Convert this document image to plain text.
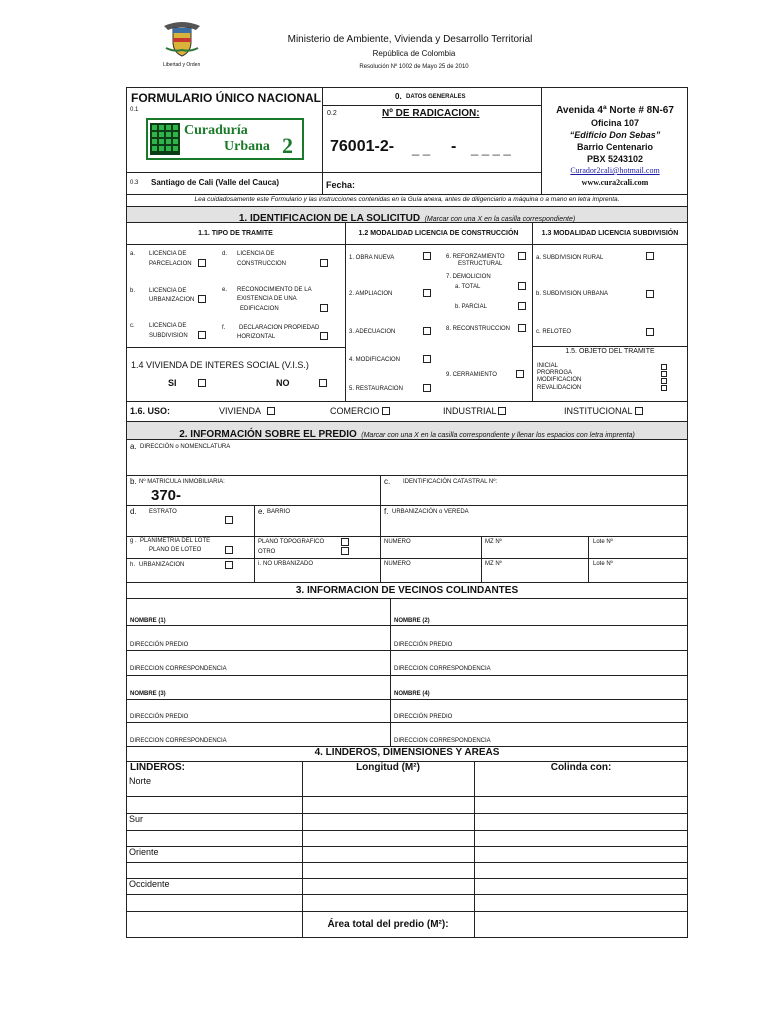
Libertad y Orden
Ministerio de Ambiente, Vivienda y Desarrollo Territorial
República de Colombia
Resolución Nº 1002 de Mayo 25 de 2010
FORMULARIO ÚNICO NACIONAL
0.1
Curaduría
Urbana 2
0. DATOS GENERALES
0.2	Nº DE RADICACION:
76001-2- _ _ - _ _ _ _
0.3 Santiago de Cali (Valle del Cauca)	Fecha:
Avenida 4ª Norte # 8N-67
Oficina 107
“Edificio Don Sebas”
Barrio Centenario
PBX 5243102
Curador2cali@hotmail.com
www.cura2cali.com
Lea cuidadosamente este Formulario y las instrucciones contenidas en la Guía anexa, antes de diligenciarlo a máquina o a mano en letra imprenta.
1. IDENTIFICACION DE LA SOLICITUD (Marcar con una X en la casilla correspondiente)
1.1. TIPO DE TRAMITE	1.2 MODALIDAD LICENCIA DE CONSTRUCCIÓN	1.3 MODALIDAD LICENCIA SUBDIVISIÓN
a. LICENCIA DE
PARCELACION
b. LICENCIA DE
URBANIZACION
c. LICENCIA DE
SUBDIVISION
d. LICENCIA DE
CONSTRUCCION
e. RECONOCIMIENTO DE LA
EXISTENCIA DE UNA
EDIFICACION
f. DECLARACION PROPIEDAD
HORIZONTAL
1. OBRA NUEVA
2. AMPLIACION
3. ADECUACION
4. MODIFICACION
5. RESTAURACION
6. REFORZAMIENTO
ESTRUCTURAL
7. DEMOLICION
a. TOTAL
b. PARCIAL
8. RECONSTRUCCION
9. CERRAMIENTO
a. SUBDIVISION RURAL
b. SUBDIVISION URBANA
c. RELOTEO
1.4 VIVIENDA DE INTERES SOCIAL (V.I.S.)
SI	NO
1.5. OBJETO DEL TRAMITE
INICIAL
PRORROGA
MODIFICACION
REVALIDACION
1.6. USO:	VIVIENDA	COMERCIO	INDUSTRIAL	INSTITUCIONAL
2. INFORMACIÓN SOBRE EL PREDIO (Marcar con una X en la casilla correspondiente y llenar los espacios con letra imprenta)
a. DIRECCIÓN o NOMENCLATURA
b. Nº MATRICULA INMOBILIARIA:
370-
c. IDENTIFICACIÓN CATASTRAL Nº:
d. ESTRATO	e. BARRIO	f. URBANIZACIÓN o VEREDA
g . PLANIMETRIA DEL LOTE
PLANO DE LOTEO
PLANO TOPOGRAFICO
OTRO
NUMERO	MZ Nº	Lote Nº
h. URBANIZACION	i. NO URBANIZADO	NUMERO	MZ Nº	Lote Nº
3. INFORMACION DE VECINOS COLINDANTES
NOMBRE (1)	NOMBRE (2)
DIRECCIÓN PREDIO	DIRECCIÓN PREDIO
DIRECCION CORRESPONDENCIA	DIRECCION CORRESPONDENCIA
NOMBRE (3)	NOMBRE (4)
DIRECCIÓN PREDIO	DIRECCIÓN PREDIO
DIRECCION CORRESPONDENCIA	DIRECCION CORRESPONDENCIA
4. LINDEROS, DIMENSIONES Y AREAS
LINDEROS:	Longitud (M²)	Colinda con:
Norte
Sur
Oriente
Occidente
Área total del predio (M²):
